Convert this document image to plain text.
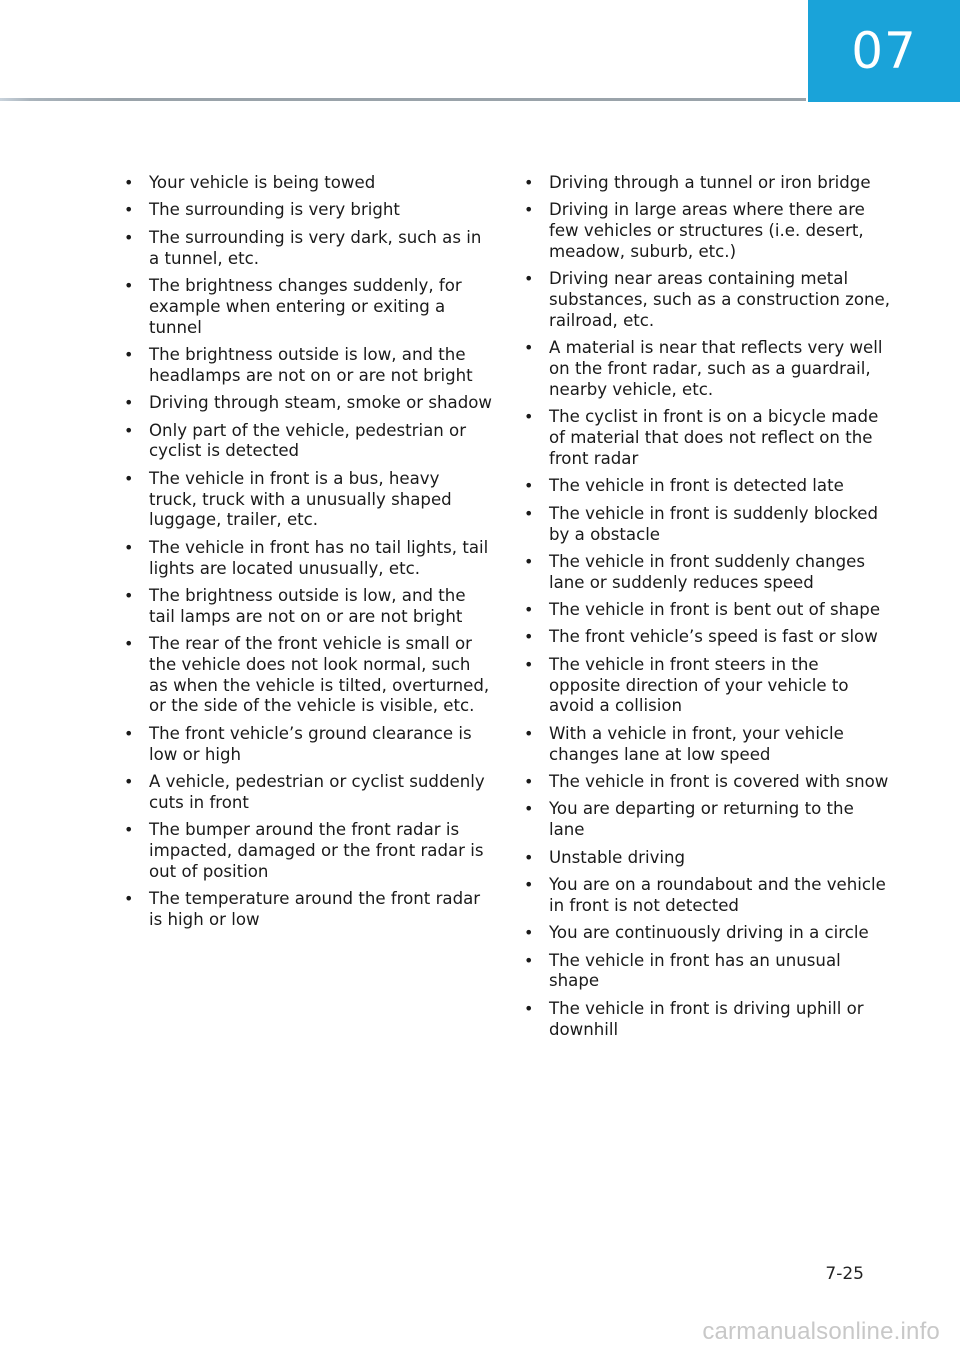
07
• Your vehicle is being towed
• The surrounding is very bright
• The surrounding is very dark, such as in a tunnel, etc.
• The brightness changes suddenly, for example when entering or exiting a tunnel
• The brightness outside is low, and the headlamps are not on or are not bright
• Driving through steam, smoke or shadow
• Only part of the vehicle, pedestrian or cyclist is detected
• The vehicle in front is a bus, heavy truck, truck with a unusually shaped luggage, trailer, etc.
• The vehicle in front has no tail lights, tail lights are located unusually, etc.
• The brightness outside is low, and the tail lamps are not on or are not bright
• The rear of the front vehicle is small or the vehicle does not look normal, such as when the vehicle is tilted, overturned, or the side of the vehicle is visible, etc.
• The front vehicle’s ground clearance is low or high
• A vehicle, pedestrian or cyclist suddenly cuts in front
• The bumper around the front radar is impacted, damaged or the front radar is out of position
• The temperature around the front radar is high or low
• Driving through a tunnel or iron bridge
• Driving in large areas where there are few vehicles or structures (i.e. desert, meadow, suburb, etc.)
• Driving near areas containing metal substances, such as a construction zone, railroad, etc.
• A material is near that reflects very well on the front radar, such as a guardrail, nearby vehicle, etc.
• The cyclist in front is on a bicycle made of material that does not reflect on the front radar
• The vehicle in front is detected late
• The vehicle in front is suddenly blocked by a obstacle
• The vehicle in front suddenly changes lane or suddenly reduces speed
• The vehicle in front is bent out of shape
• The front vehicle’s speed is fast or slow
• The vehicle in front steers in the opposite direction of your vehicle to avoid a collision
• With a vehicle in front, your vehicle changes lane at low speed
• The vehicle in front is covered with snow
• You are departing or returning to the lane
• Unstable driving
• You are on a roundabout and the vehicle in front is not detected
• You are continuously driving in a circle
• The vehicle in front has an unusual shape
• The vehicle in front is driving uphill or downhill
7-25
carmanualsonline.info
